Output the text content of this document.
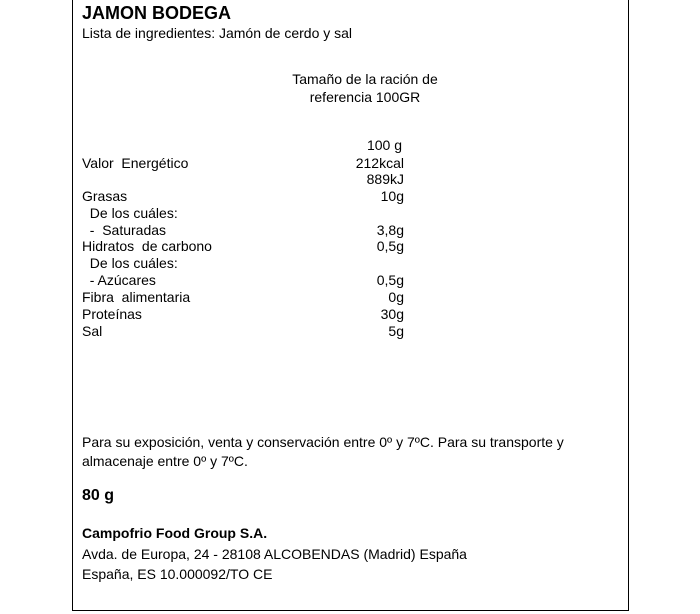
JAMON BODEGA
Lista de ingredientes: Jamón de cerdo y sal
Tamaño de la ración de referencia 100GR
100 g
Valor  Energético	212kcal
889kJ
Grasas	10g
De los cuáles:
-  Saturadas	3,8g
Hidratos  de carbono	0,5g
De los cuáles:
- Azúcares	0,5g
Fibra  alimentaria	0g
Proteínas	30g
Sal	5g
Para su exposición, venta y conservación entre 0º y 7ºC. Para su transporte y almacenaje entre 0º y 7ºC.
80 g
Campofrio Food Group S.A.
Avda. de Europa, 24 - 28108 ALCOBENDAS (Madrid) España
España, ES 10.000092/TO CE
